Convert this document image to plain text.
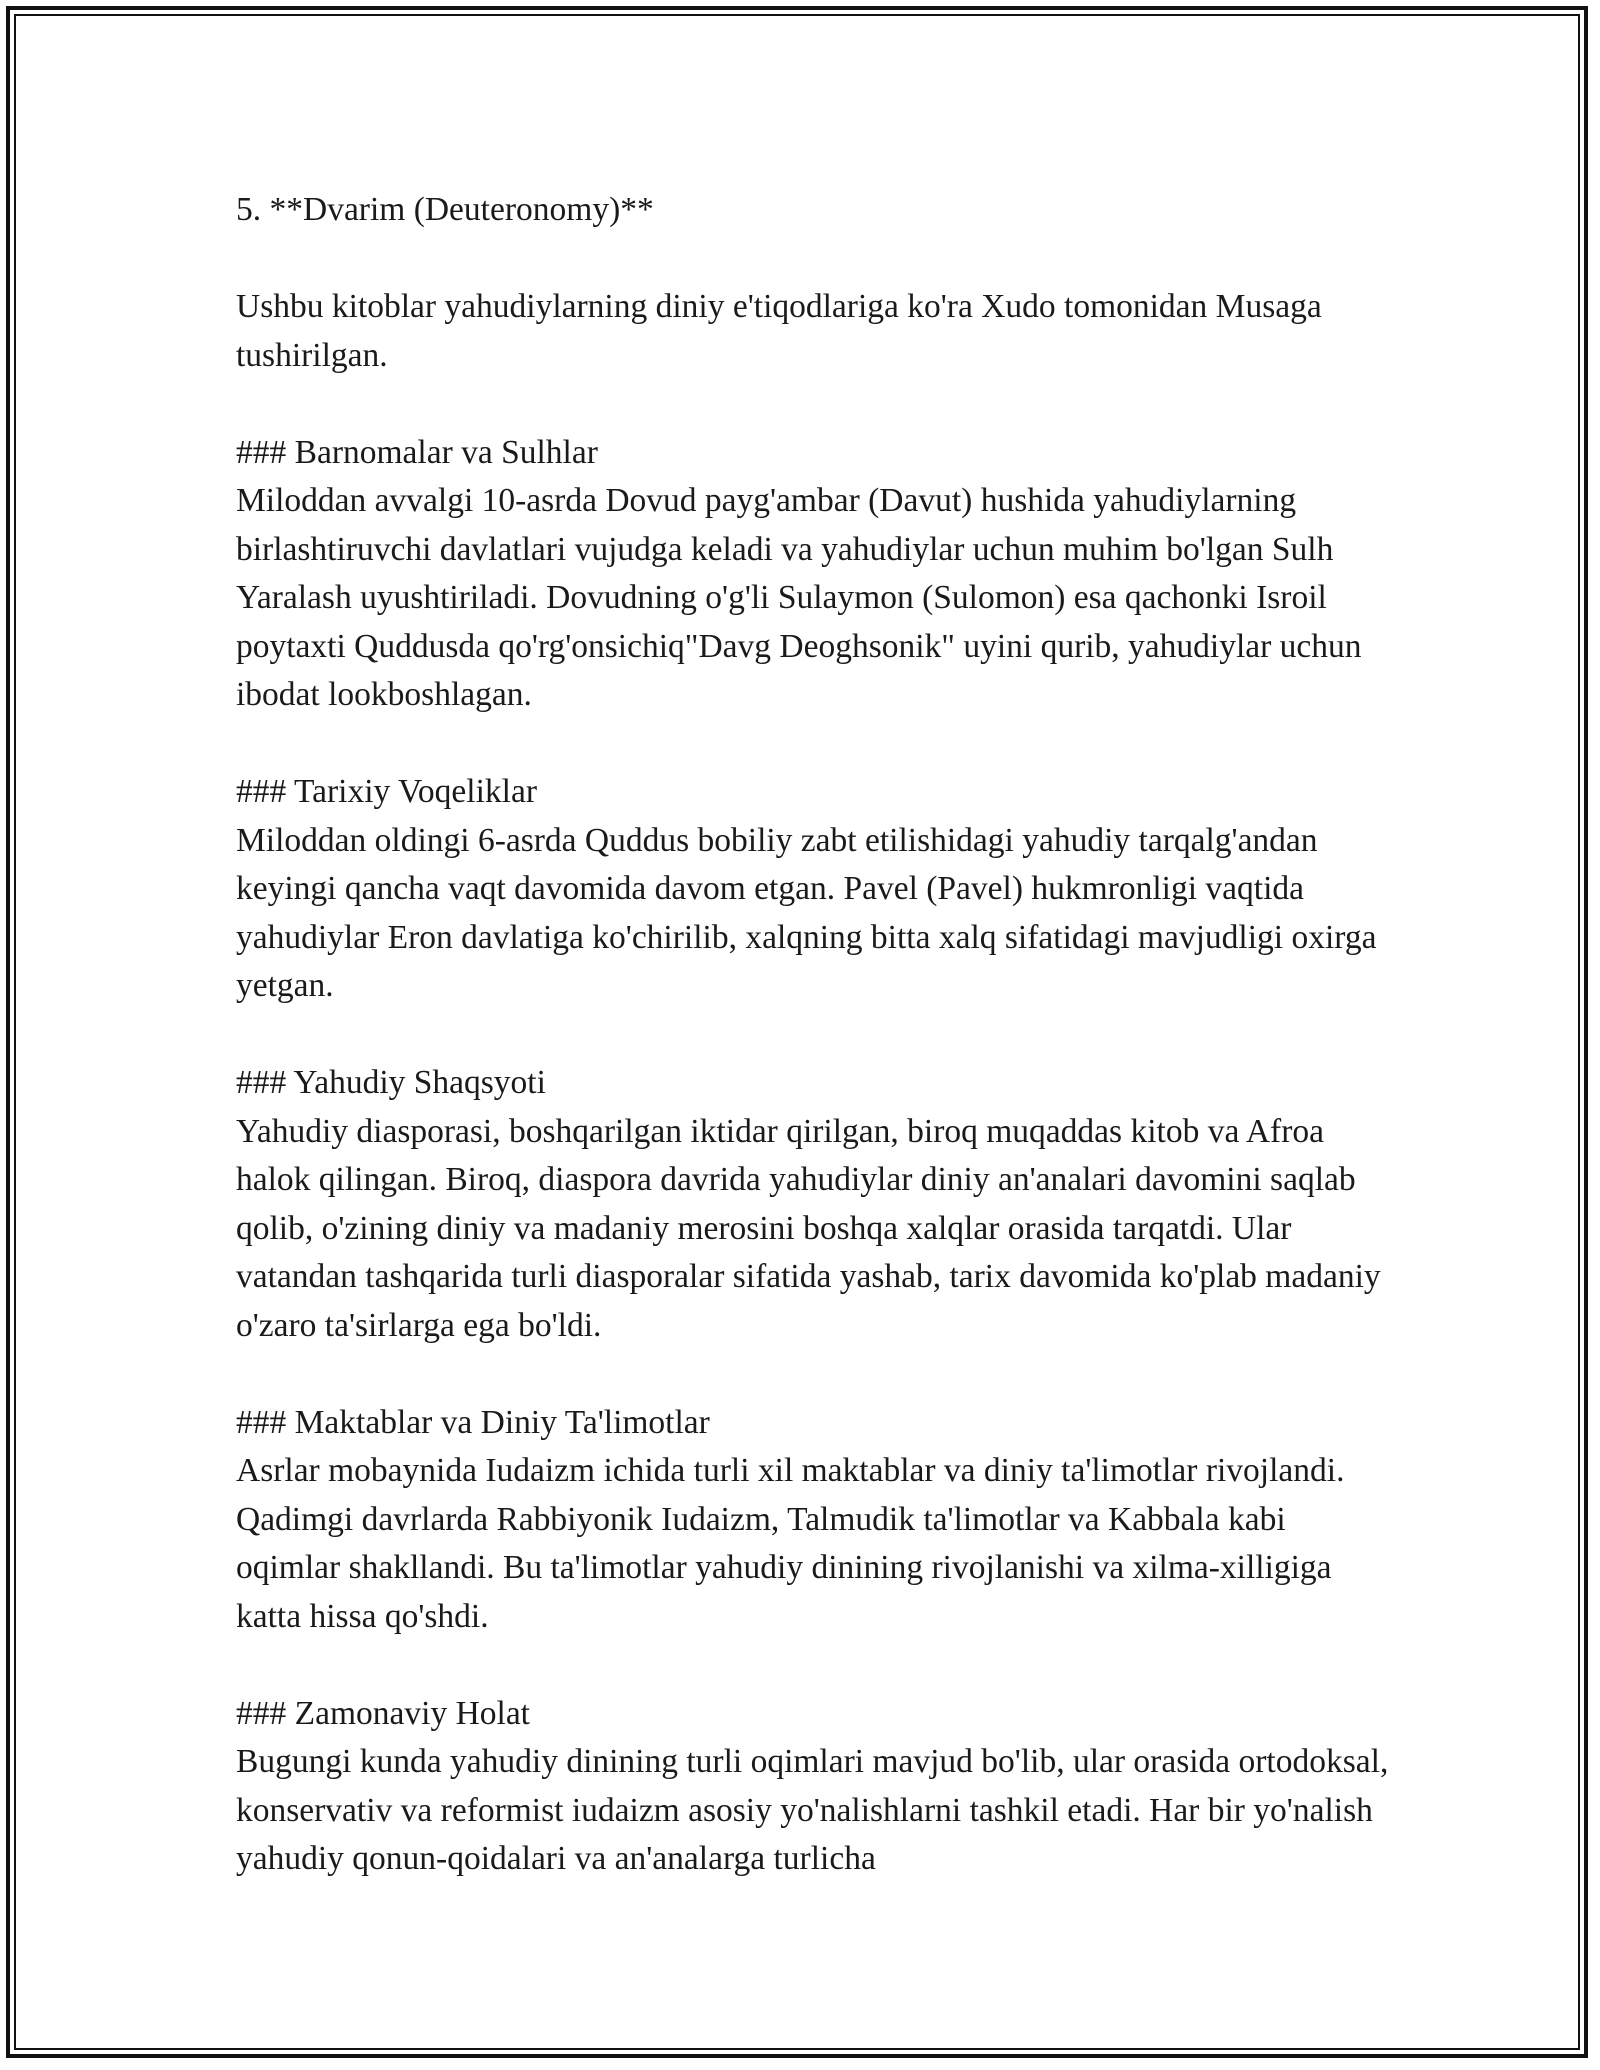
5. **Dvarim (Deuteronomy)**

Ushbu kitoblar yahudiylarning diniy e'tiqodlariga ko'ra Xudo tomonidan Musaga tushirilgan.

### Barnomalar va Sulhlar

Miloddan avvalgi 10-asrda Dovud payg'ambar (Davut) hushida yahudiylarning birlashtiruvchi davlatlari vujudga keladi va yahudiylar uchun muhim bo'lgan Sulh Yaralash uyushtiriladi. Dovudning o'g'li Sulaymon (Sulomon) esa qachonki Isroil poytaxti Quddusda qo'rg'onsichiq"Davg Deoghsonik" uyini qurib, yahudiylar uchun ibodat lookboshlagan.

### Tarixiy Voqeliklar

Miloddan oldingi 6-asrda Quddus bobiliy zabt etilishidagi yahudiy tarqalg'andan keyingi qancha vaqt davomida davom etgan. Pavel (Pavel) hukmronligi vaqtida yahudiylar Eron davlatiga ko'chirilib, xalqning bitta xalq sifatidagi mavjudligi oxirga yetgan.

### Yahudiy Shaqsyoti

Yahudiy diasporasi, boshqarilgan iktidar qirilgan, biroq muqaddas kitob va Afroa halok qilingan. Biroq, diaspora davrida yahudiylar diniy an'analari davomini saqlab qolib, o'zining diniy va madaniy merosini boshqa xalqlar orasida tarqatdi. Ular vatandan tashqarida turli diasporalar sifatida yashab, tarix davomida ko'plab madaniy o'zaro ta'sirlarga ega bo'ldi.

### Maktablar va Diniy Ta'limotlar

Asrlar mobaynida Iudaizm ichida turli xil maktablar va diniy ta'limotlar rivojlandi. Qadimgi davrlarda Rabbiyonik Iudaizm, Talmudik ta'limotlar va Kabbala kabi oqimlar shakllandi. Bu ta'limotlar yahudiy dinining rivojlanishi va xilma-xilligiga katta hissa qo'shdi.

### Zamonaviy Holat

Bugungi kunda yahudiy dinining turli oqimlari mavjud bo'lib, ular orasida ortodoksal, konservativ va reformist iudaizm asosiy yo'nalishlarni tashkil etadi. Har bir yo'nalish yahudiy qonun-qoidalari va an'analarga turlicha
